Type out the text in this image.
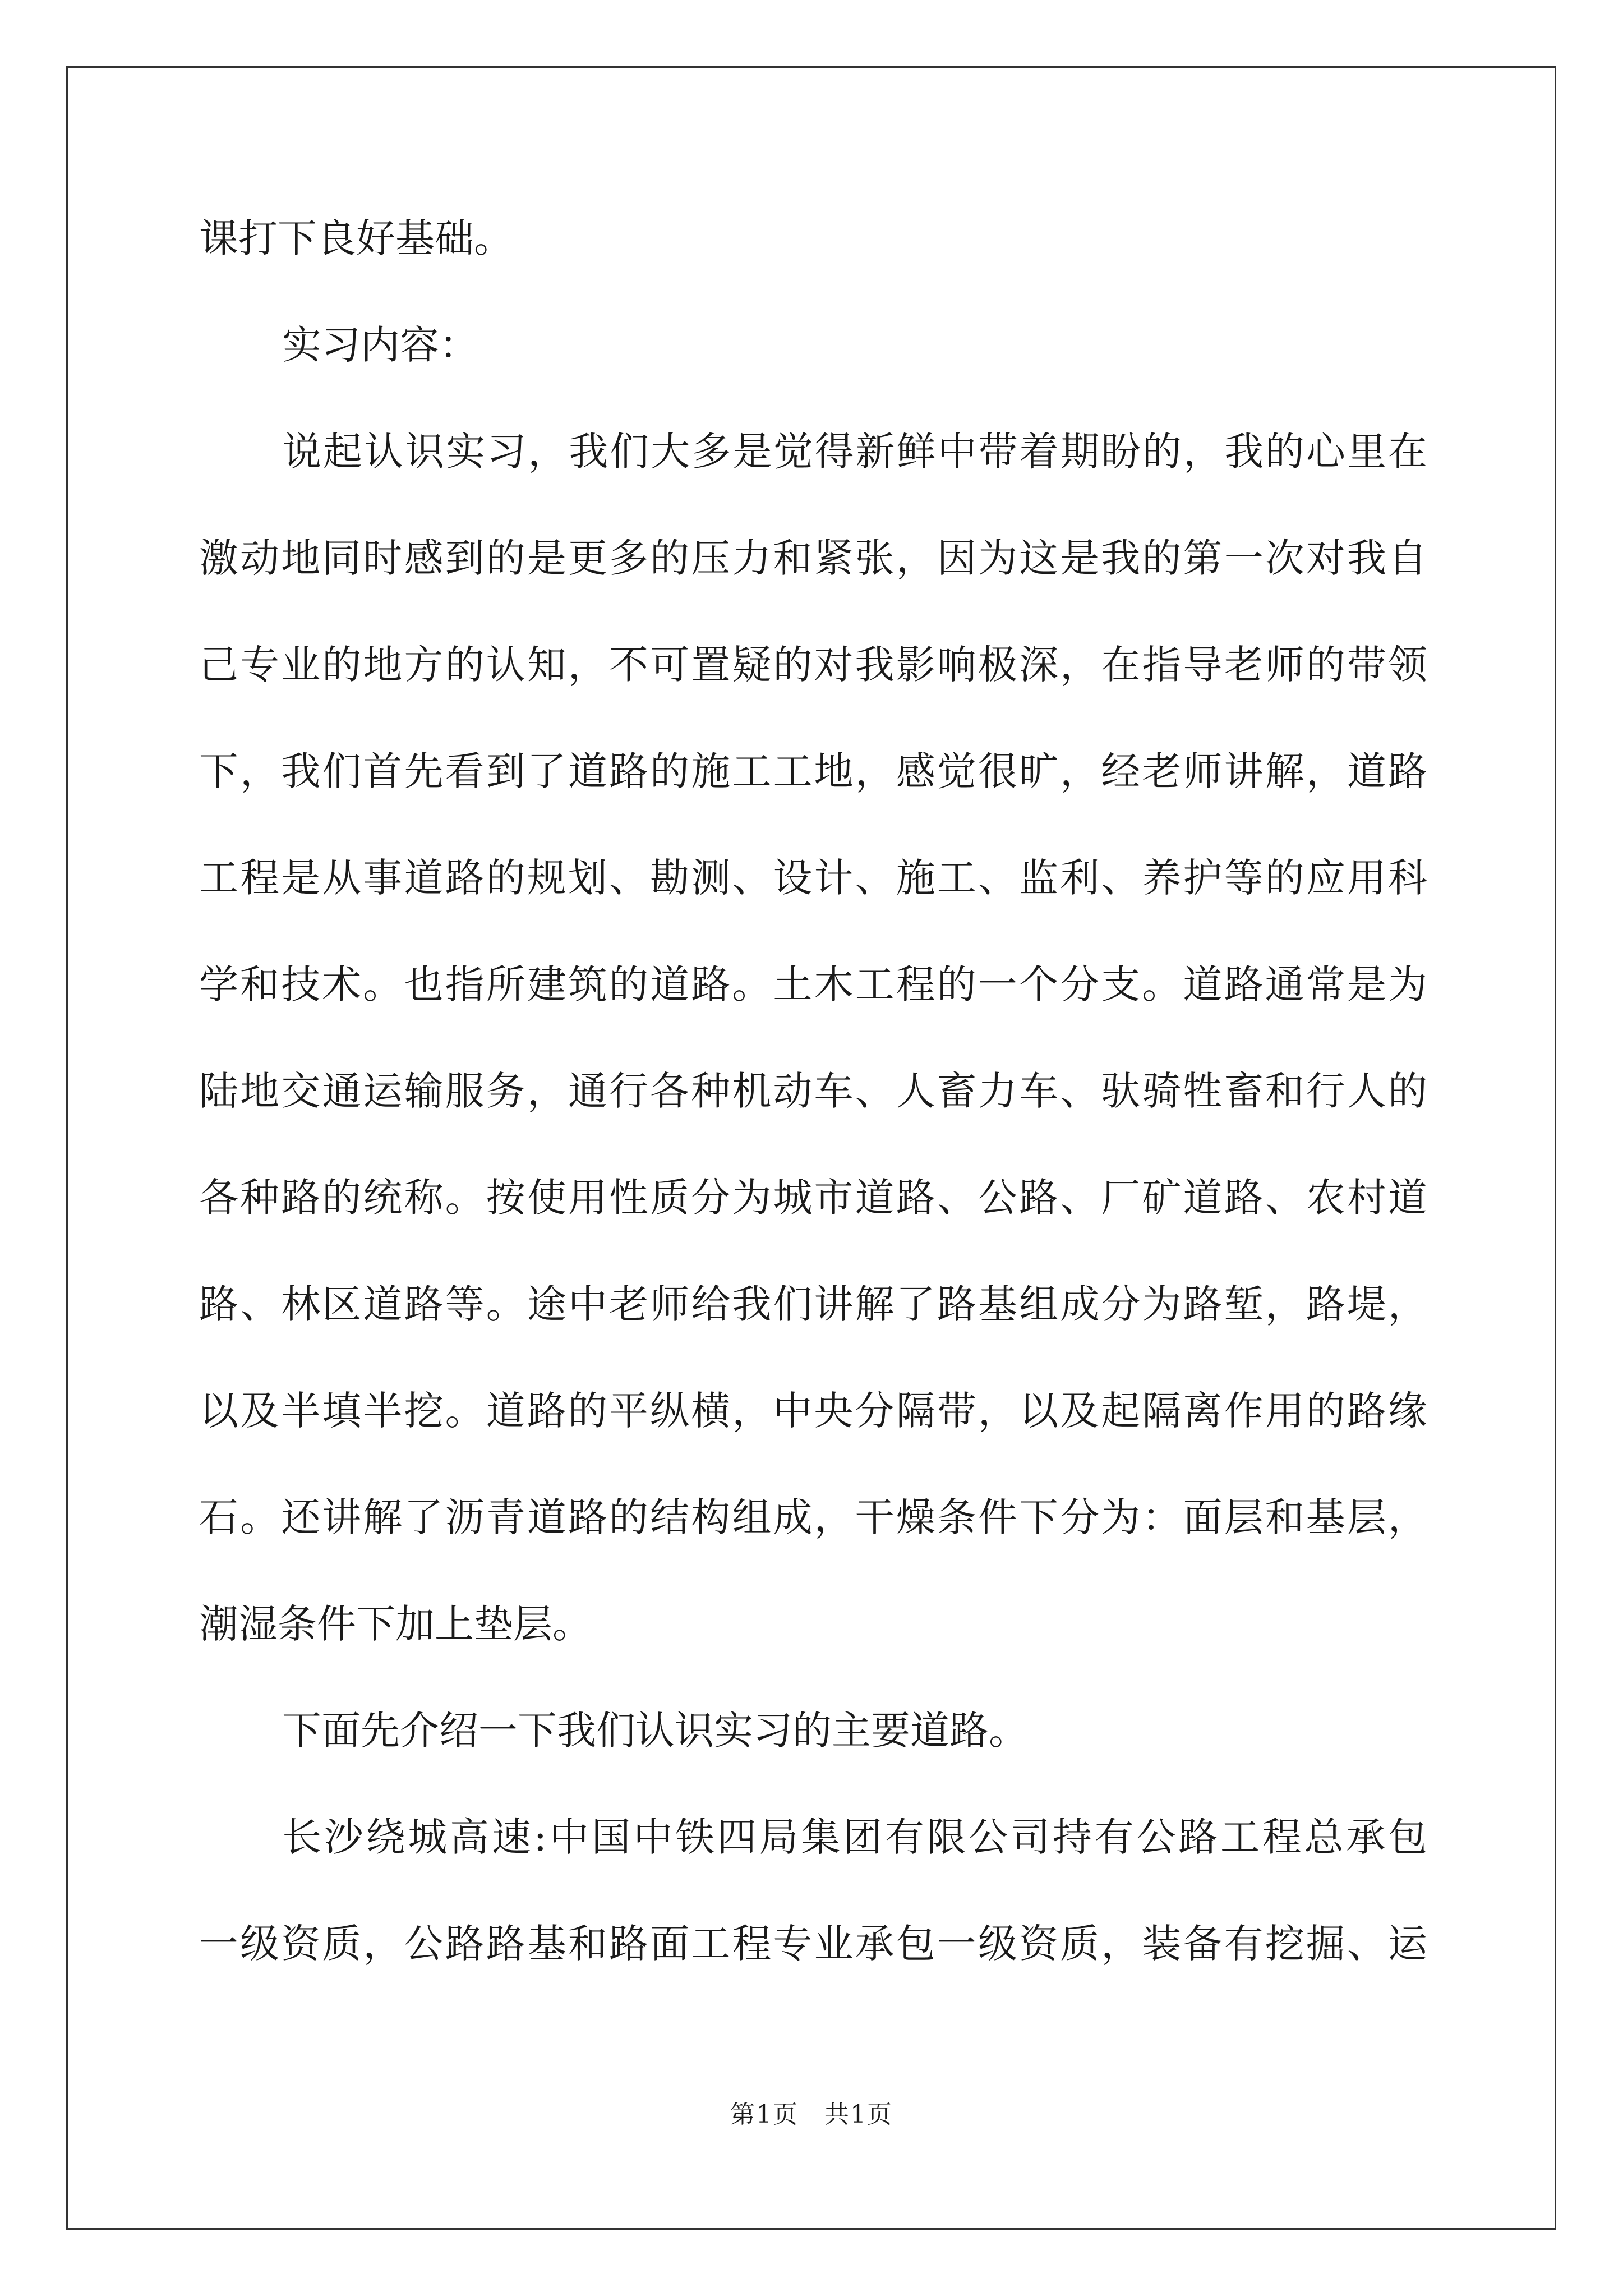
课打下良好基础。
实习内容：
说起认识实习，我们大多是觉得新鲜中带着期盼的，我的心里在
激动地同时感到的是更多的压力和紧张，因为这是我的第一次对我自
己专业的地方的认知，不可置疑的对我影响极深，在指导老师的带领
下，我们首先看到了道路的施工工地，感觉很旷，经老师讲解，道路
工程是从事道路的规划、勘测、设计、施工、监利、养护等的应用科
学和技术。也指所建筑的道路。土木工程的一个分支。道路通常是为
陆地交通运输服务，通行各种机动车、人畜力车、驮骑牲畜和行人的
各种路的统称。按使用性质分为城市道路、公路、厂矿道路、农村道
路、林区道路等。途中老师给我们讲解了路基组成分为路堑，路堤，
以及半填半挖。道路的平纵横，中央分隔带，以及起隔离作用的路缘
石。还讲解了沥青道路的结构组成，干燥条件下分为：面层和基层，
潮湿条件下加上垫层。
下面先介绍一下我们认识实习的主要道路。
长沙绕城高速:中国中铁四局集团有限公司持有公路工程总承包
一级资质，公路路基和路面工程专业承包一级资质，装备有挖掘、运
第1页　共1页
